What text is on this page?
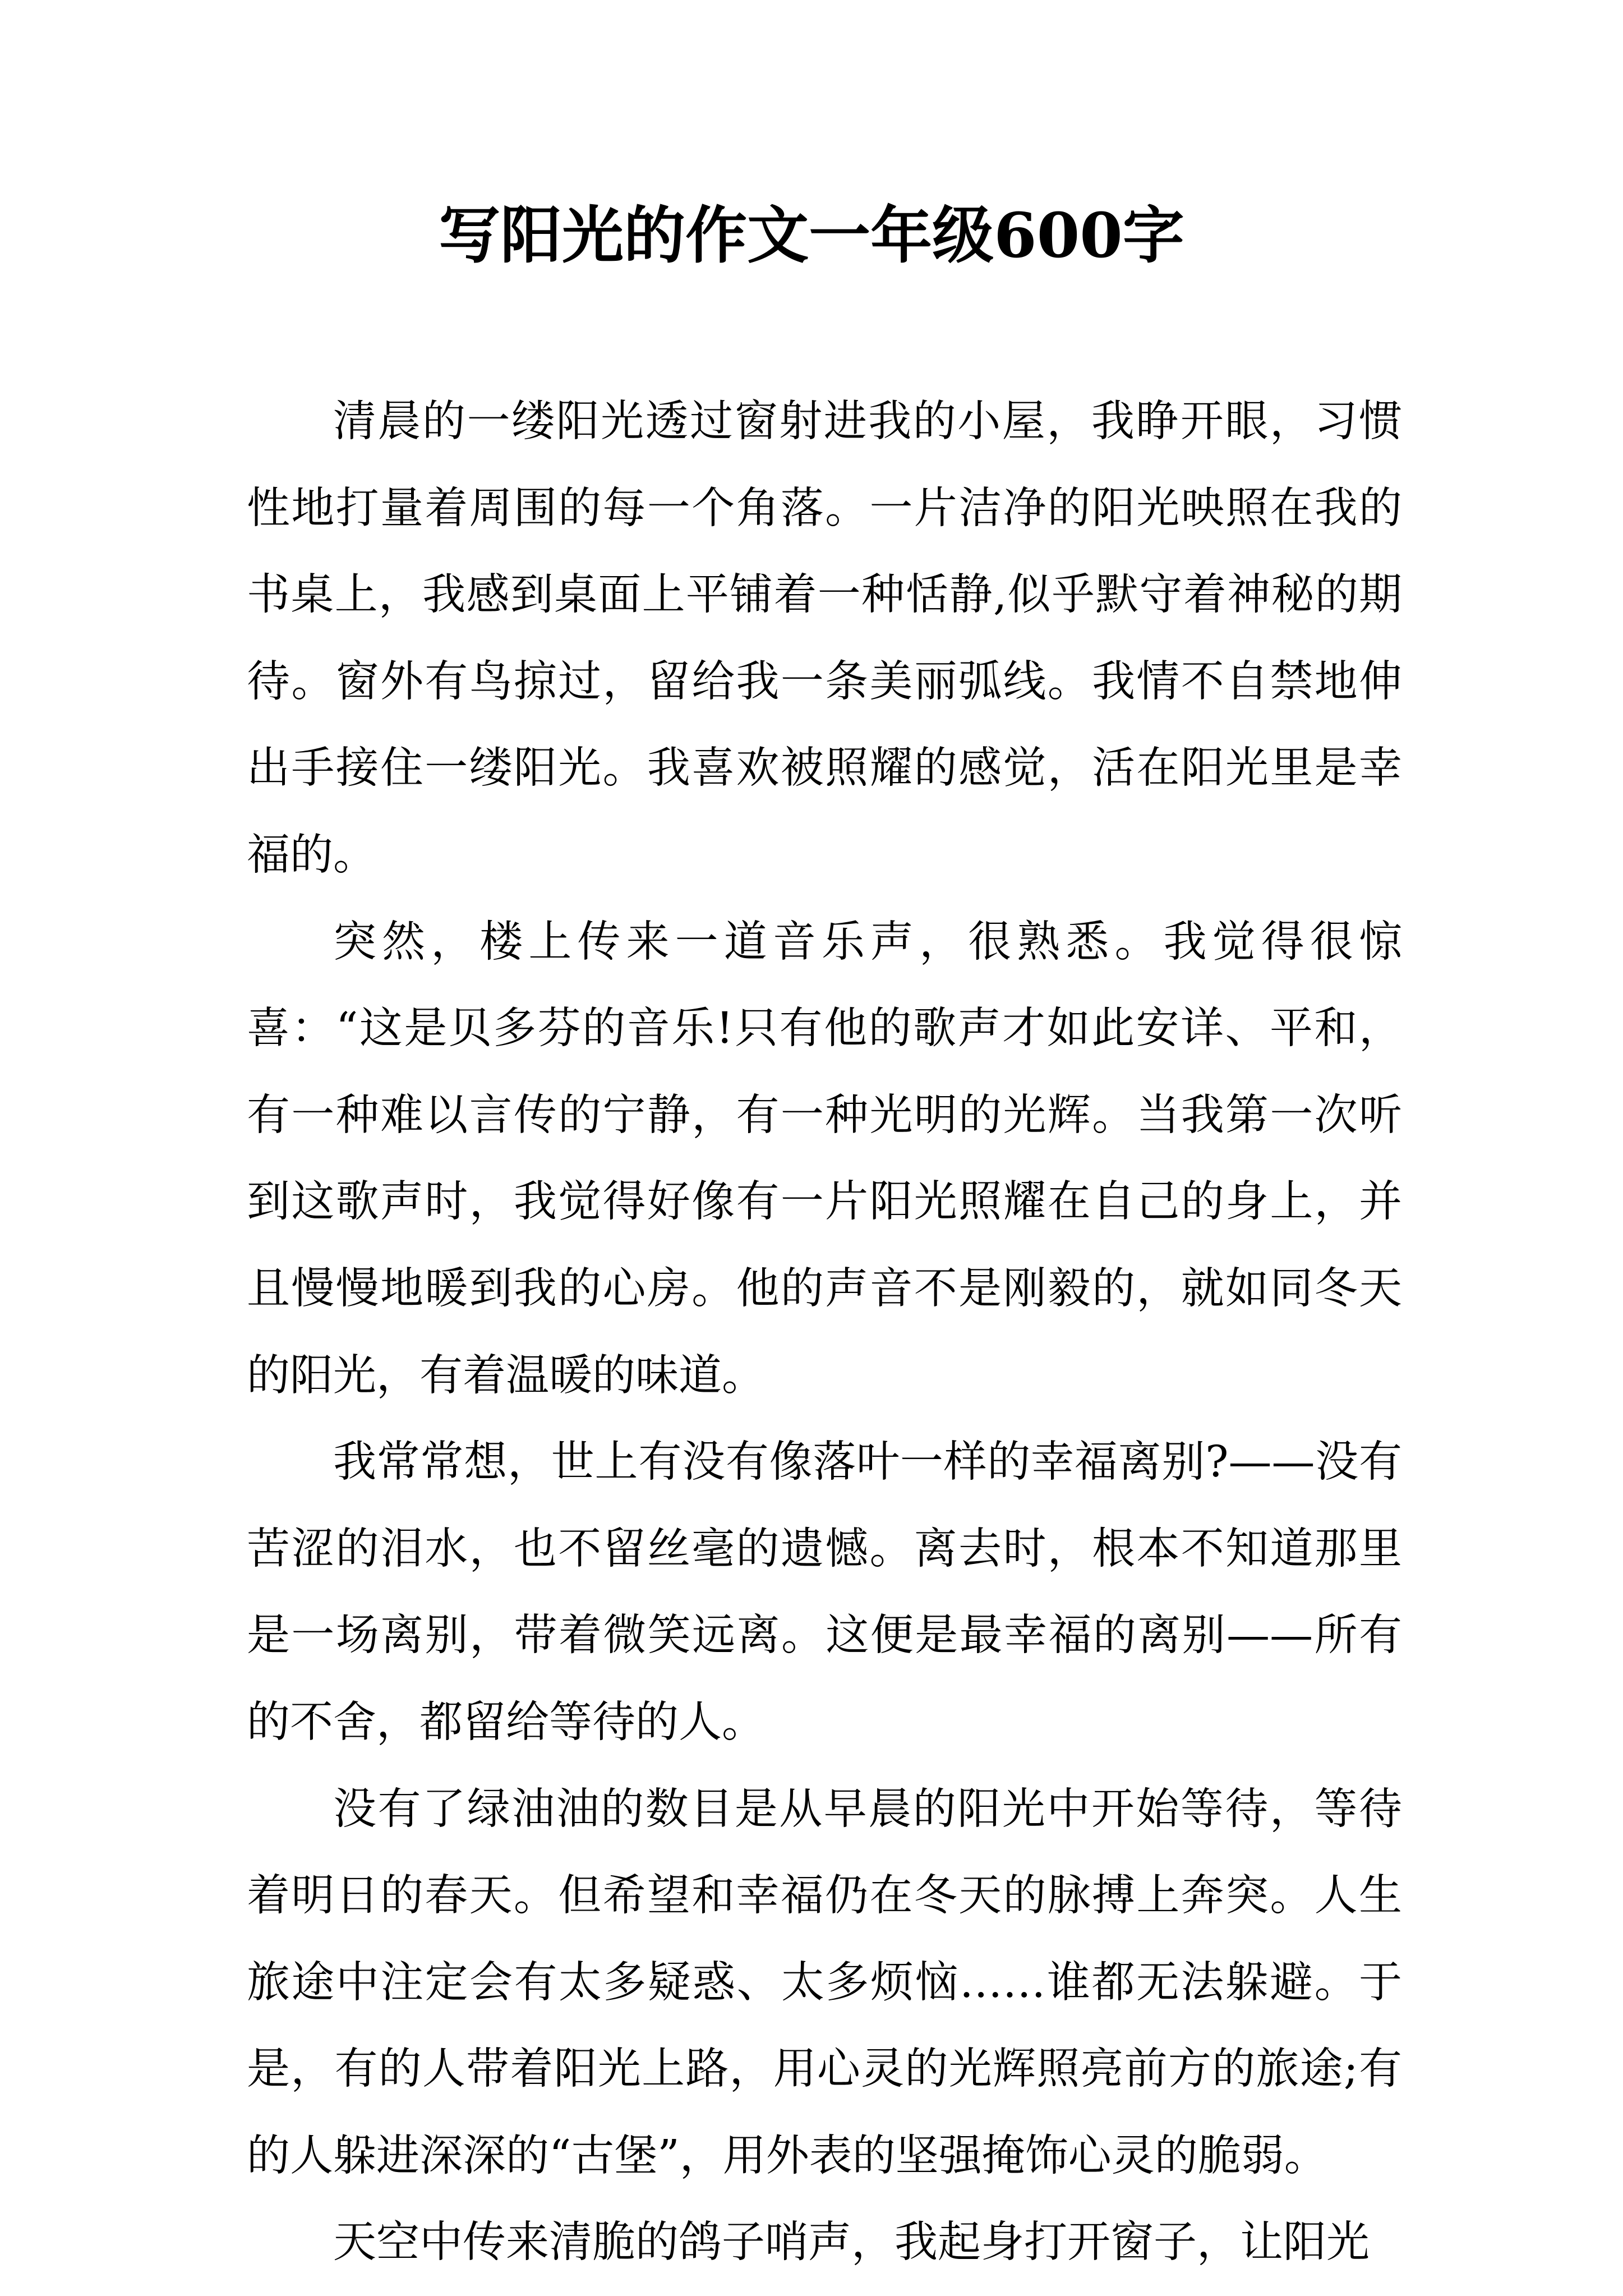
写阳光的作文一年级600字

清晨的一缕阳光透过窗射进我的小屋，我睁开眼，习惯性地打量着周围的每一个角落。一片洁净的阳光映照在我的书桌上，我感到桌面上平铺着一种恬静,似乎默守着神秘的期待。窗外有鸟掠过，留给我一条美丽弧线。我情不自禁地伸出手接住一缕阳光。我喜欢被照耀的感觉，活在阳光里是幸福的。

突然，楼上传来一道音乐声，很熟悉。我觉得很惊喜：“这是贝多芬的音乐!只有他的歌声才如此安详、平和，有一种难以言传的宁静，有一种光明的光辉。当我第一次听到这歌声时，我觉得好像有一片阳光照耀在自己的身上，并且慢慢地暖到我的心房。他的声音不是刚毅的，就如同冬天的阳光，有着温暖的味道。

我常常想，世上有没有像落叶一样的幸福离别?——没有苦涩的泪水，也不留丝毫的遗憾。离去时，根本不知道那里是一场离别，带着微笑远离。这便是最幸福的离别——所有的不舍，都留给等待的人。

没有了绿油油的数目是从早晨的阳光中开始等待，等待着明日的春天。但希望和幸福仍在冬天的脉搏上奔突。人生旅途中注定会有太多疑惑、太多烦恼……谁都无法躲避。于是，有的人带着阳光上路，用心灵的光辉照亮前方的旅途;有的人躲进深深的“古堡”，用外表的坚强掩饰心灵的脆弱。

天空中传来清脆的鸽子哨声，我起身打开窗子，让阳光
